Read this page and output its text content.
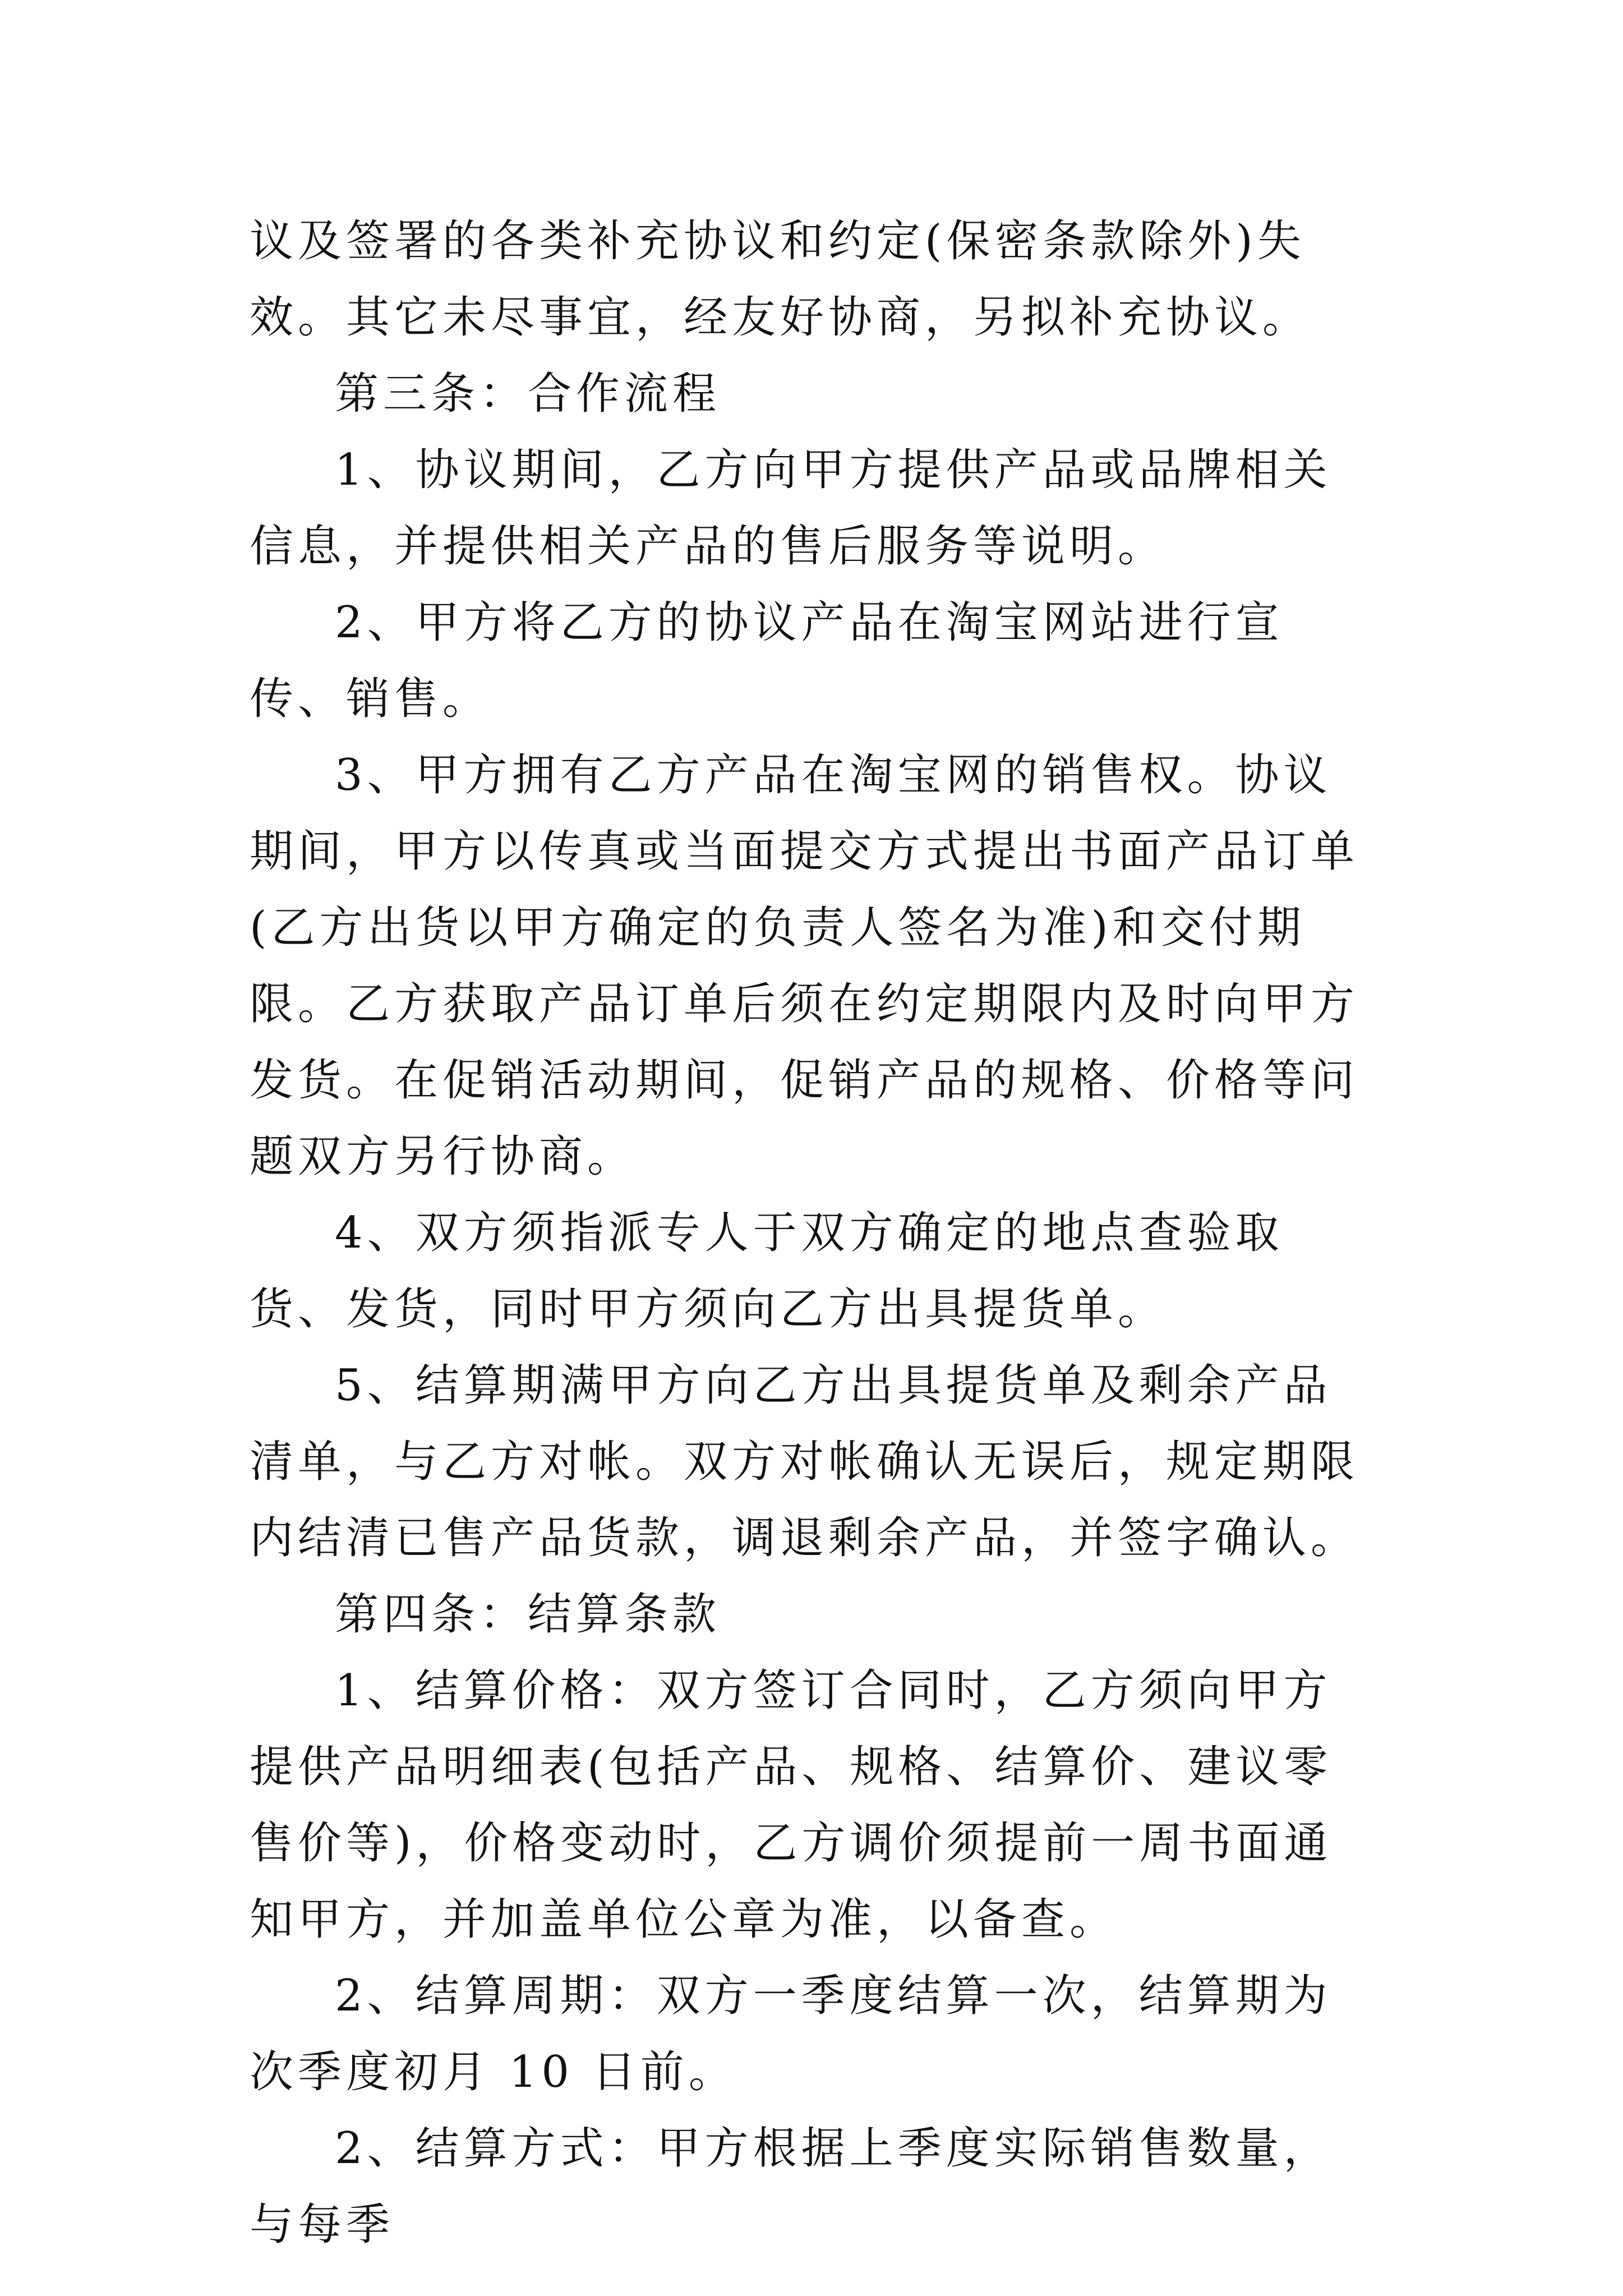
议及签署的各类补充协议和约定(保密条款除外)失效。其它未尽事宜，经友好协商，另拟补充协议。

第三条：合作流程

1、协议期间，乙方向甲方提供产品或品牌相关信息，并提供相关产品的售后服务等说明。

2、甲方将乙方的协议产品在淘宝网站进行宣传、销售。

3、甲方拥有乙方产品在淘宝网的销售权。协议期间，甲方以传真或当面提交方式提出书面产品订单(乙方出货以甲方确定的负责人签名为准)和交付期限。乙方获取产品订单后须在约定期限内及时向甲方发货。在促销活动期间，促销产品的规格、价格等问题双方另行协商。

4、双方须指派专人于双方确定的地点查验取货、发货，同时甲方须向乙方出具提货单。

5、结算期满甲方向乙方出具提货单及剩余产品清单，与乙方对帐。双方对帐确认无误后，规定期限内结清已售产品货款，调退剩余产品，并签字确认。

第四条：结算条款

1、结算价格：双方签订合同时，乙方须向甲方提供产品明细表(包括产品、规格、结算价、建议零售价等)，价格变动时，乙方调价须提前一周书面通知甲方，并加盖单位公章为准，以备查。

2、结算周期：双方一季度结算一次，结算期为次季度初月 10 日前。

2、结算方式：甲方根据上季度实际销售数量，与每季
